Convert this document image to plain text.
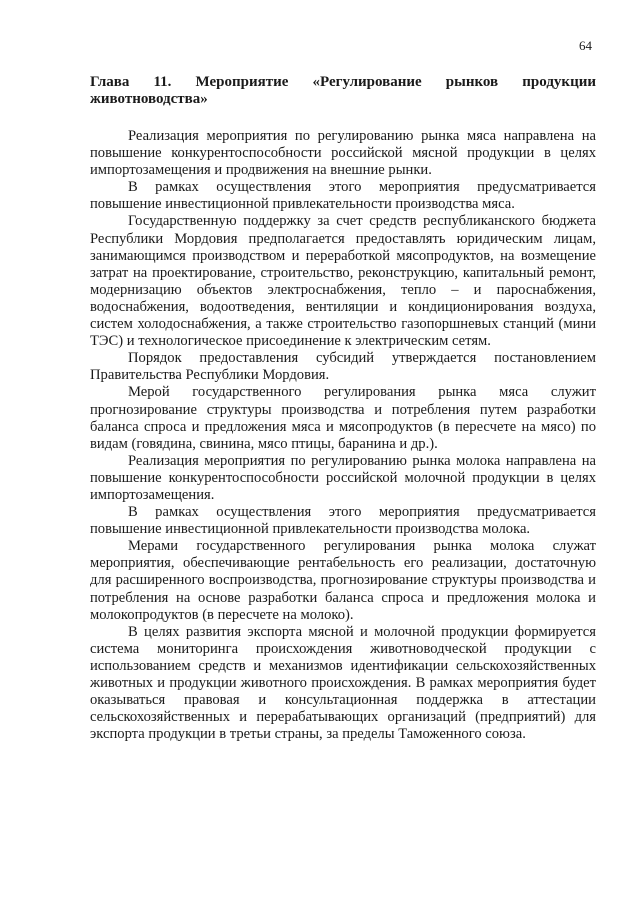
64
Глава 11. Мероприятие «Регулирование рынков продукции животноводства»

Реализация мероприятия по регулированию рынка мяса направлена на повышение конкурентоспособности российской мясной продукции в целях импортозамещения и продвижения на внешние рынки.

В рамках осуществления этого мероприятия предусматривается повышение инвестиционной привлекательности производства мяса.

Государственную поддержку за счет средств республиканского бюджета Республики Мордовия предполагается предоставлять юридическим лицам, занимающимся производством и переработкой мясопродуктов, на возмещение затрат на проектирование, строительство, реконструкцию, капитальный ремонт, модернизацию объектов электроснабжения, тепло – и пароснабжения, водоснабжения, водоотведения, вентиляции и кондиционирования воздуха, систем холодоснабжения, а также строительство газопоршневых станций (мини ТЭС) и технологическое присоединение к электрическим сетям.

Порядок предоставления субсидий утверждается постановлением Правительства Республики Мордовия.

Мерой государственного регулирования рынка мяса служит прогнозирование структуры производства и потребления путем разработки баланса спроса и предложения мяса и мясопродуктов (в пересчете на мясо) по видам (говядина, свинина, мясо птицы, баранина и др.).

Реализация мероприятия по регулированию рынка молока направлена на повышение конкурентоспособности российской молочной продукции в целях импортозамещения.

В рамках осуществления этого мероприятия предусматривается повышение инвестиционной привлекательности производства молока.

Мерами государственного регулирования рынка молока служат мероприятия, обеспечивающие рентабельность его реализации, достаточную для расширенного воспроизводства, прогнозирование структуры производства и потребления на основе разработки баланса спроса и предложения молока и молокопродуктов (в пересчете на молоко).

В целях развития экспорта мясной и молочной продукции формируется система мониторинга происхождения животноводческой продукции с использованием средств и механизмов идентификации сельскохозяйственных животных и продукции животного происхождения. В рамках мероприятия будет оказываться правовая и консультационная поддержка в аттестации сельскохозяйственных и перерабатывающих организаций (предприятий) для экспорта продукции в третьи страны, за пределы Таможенного союза.
